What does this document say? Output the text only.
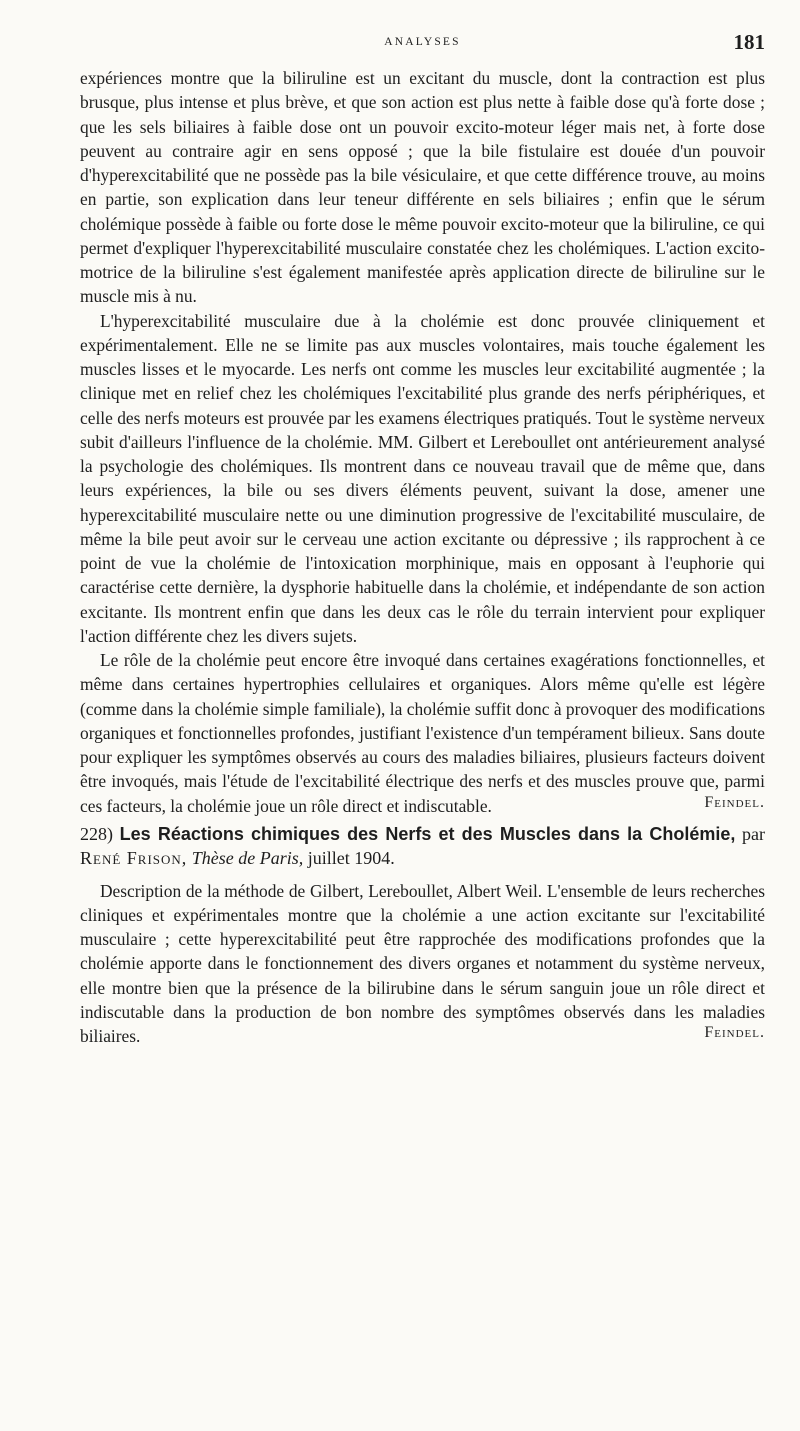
ANALYSES	181

expériences montre que la biliruline est un excitant du muscle, dont la contraction est plus brusque, plus intense et plus brève, et que son action est plus nette à faible dose qu'à forte dose ; que les sels biliaires à faible dose ont un pouvoir excito-moteur léger mais net, à forte dose peuvent au contraire agir en sens opposé ; que la bile fistulaire est douée d'un pouvoir d'hyperexcitabilité que ne possède pas la bile vésiculaire, et que cette différence trouve, au moins en partie, son explication dans leur teneur différente en sels biliaires ; enfin que le sérum cholémique possède à faible ou forte dose le même pouvoir excito-moteur que la biliruline, ce qui permet d'expliquer l'hyperexcitabilité musculaire constatée chez les cholémiques. L'action excito-motrice de la biliruline s'est également manifestée après application directe de biliruline sur le muscle mis à nu.

L'hyperexcitabilité musculaire due à la cholémie est donc prouvée cliniquement et expérimentalement. Elle ne se limite pas aux muscles volontaires, mais touche également les muscles lisses et le myocarde. Les nerfs ont comme les muscles leur excitabilité augmentée ; la clinique met en relief chez les cholémiques l'excitabilité plus grande des nerfs périphériques, et celle des nerfs moteurs est prouvée par les examens électriques pratiqués. Tout le système nerveux subit d'ailleurs l'influence de la cholémie. MM. Gilbert et Lereboullet ont antérieurement analysé la psychologie des cholémiques. Ils montrent dans ce nouveau travail que de même que, dans leurs expériences, la bile ou ses divers éléments peuvent, suivant la dose, amener une hyperexcitabilité musculaire nette ou une diminution progressive de l'excitabilité musculaire, de même la bile peut avoir sur le cerveau une action excitante ou dépressive ; ils rapprochent à ce point de vue la cholémie de l'intoxication morphinique, mais en opposant à l'euphorie qui caractérise cette dernière, la dysphorie habituelle dans la cholémie, et indépendante de son action excitante. Ils montrent enfin que dans les deux cas le rôle du terrain intervient pour expliquer l'action différente chez les divers sujets.

Le rôle de la cholémie peut encore être invoqué dans certaines exagérations fonctionnelles, et même dans certaines hypertrophies cellulaires et organiques. Alors même qu'elle est légère (comme dans la cholémie simple familiale), la cholémie suffit donc à provoquer des modifications organiques et fonctionnelles profondes, justifiant l'existence d'un tempérament bilieux. Sans doute pour expliquer les symptômes observés au cours des maladies biliaires, plusieurs facteurs doivent être invoqués, mais l'étude de l'excitabilité électrique des nerfs et des muscles prouve que, parmi ces facteurs, la cholémie joue un rôle direct et indiscutable.	Feindel.

228) Les Réactions chimiques des Nerfs et des Muscles dans la Cholémie, par René Frison, Thèse de Paris, juillet 1904.

Description de la méthode de Gilbert, Lereboullet, Albert Weil. L'ensemble de leurs recherches cliniques et expérimentales montre que la cholémie a une action excitante sur l'excitabilité musculaire ; cette hyperexcitabilité peut être rapprochée des modifications profondes que la cholémie apporte dans le fonctionnement des divers organes et notamment du système nerveux, elle montre bien que la présence de la bilirubine dans le sérum sanguin joue un rôle direct et indiscutable dans la production de bon nombre des symptômes observés dans les maladies biliaires.	Feindel.
